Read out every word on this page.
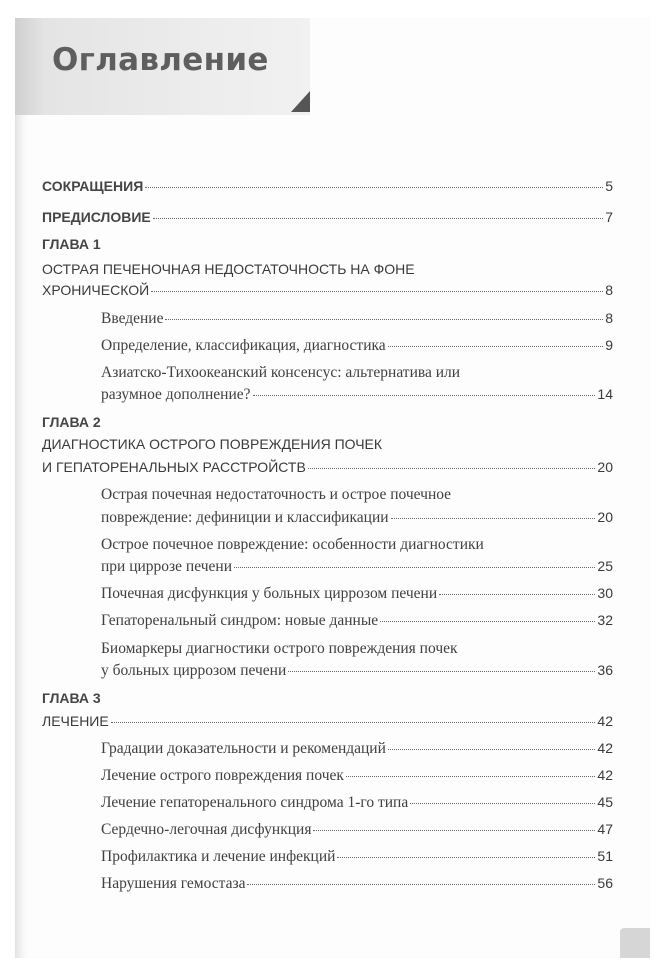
Оглавление
СОКРАЩЕНИЯ	5
ПРЕДИСЛОВИЕ	7
ГЛАВА 1
ОСТРАЯ ПЕЧЕНОЧНАЯ НЕДОСТАТОЧНОСТЬ НА ФОНЕ
ХРОНИЧЕСКОЙ	8
Введение	8
Определение, классификация, диагностика	9
Азиатско-Тихоокеанский консенсус: альтернатива или
разумное дополнение?	14
ГЛАВА 2
ДИАГНОСТИКА ОСТРОГО ПОВРЕЖДЕНИЯ ПОЧЕК
И ГЕПАТОРЕНАЛЬНЫХ РАССТРОЙСТВ	20
Острая почечная недостаточность и острое почечное
повреждение: дефиниции и классификации	20
Острое почечное повреждение: особенности диагностики
при циррозе печени	25
Почечная дисфункция у больных циррозом печени	30
Гепаторенальный синдром: новые данные	32
Биомаркеры диагностики острого повреждения почек
у больных циррозом печени	36
ГЛАВА 3
ЛЕЧЕНИЕ	42
Градации доказательности и рекомендаций	42
Лечение острого повреждения почек	42
Лечение гепаторенального синдрома 1-го типа	45
Сердечно-легочная дисфункция	47
Профилактика и лечение инфекций	51
Нарушения гемостаза	56
